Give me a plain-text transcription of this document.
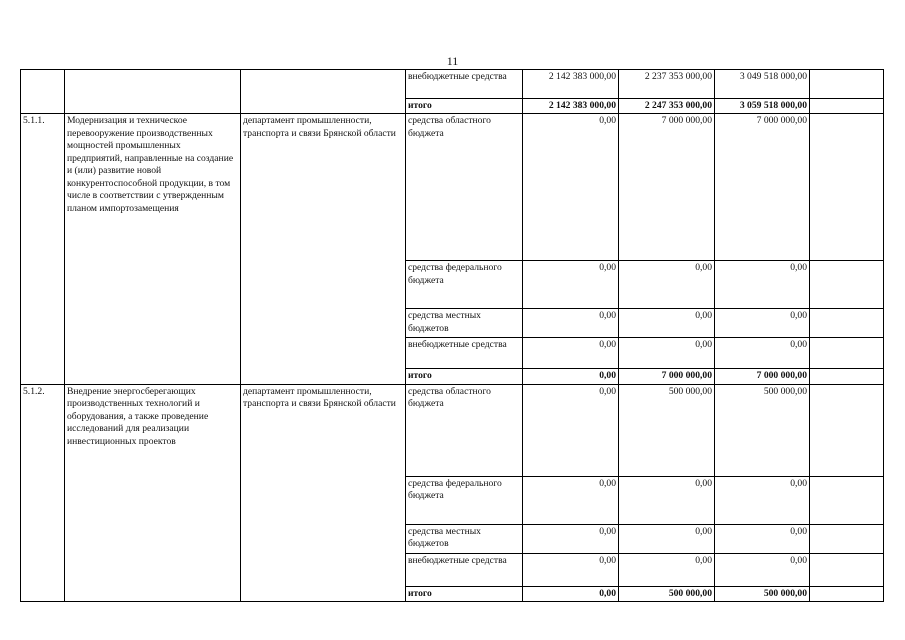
11
			внебюджетные средства	2 142 383 000,00	2 237 353 000,00	3 049 518 000,00	
			итого	2 142 383 000,00	2 247 353 000,00	3 059 518 000,00	
5.1.1.	Модернизация и техническое перевооружение производственных мощностей промышленных предприятий, направленные на создание и (или) развитие новой конкурентоспособной продукции, в том числе в соответствии с утвержденным планом импортозамещения	департамент промышленности, транспорта и связи Брянской области	средства областного бюджета	0,00	7 000 000,00	7 000 000,00	
			средства федерального бюджета	0,00	0,00	0,00	
			средства местных бюджетов	0,00	0,00	0,00	
			внебюджетные средства	0,00	0,00	0,00	
			итого	0,00	7 000 000,00	7 000 000,00	
5.1.2.	Внедрение энергосберегающих производственных технологий и оборудования, а также проведение исследований для реализации инвестиционных проектов	департамент промышленности, транспорта и связи Брянской области	средства областного бюджета	0,00	500 000,00	500 000,00	
			средства федерального бюджета	0,00	0,00	0,00	
			средства местных бюджетов	0,00	0,00	0,00	
			внебюджетные средства	0,00	0,00	0,00	
			итого	0,00	500 000,00	500 000,00	
